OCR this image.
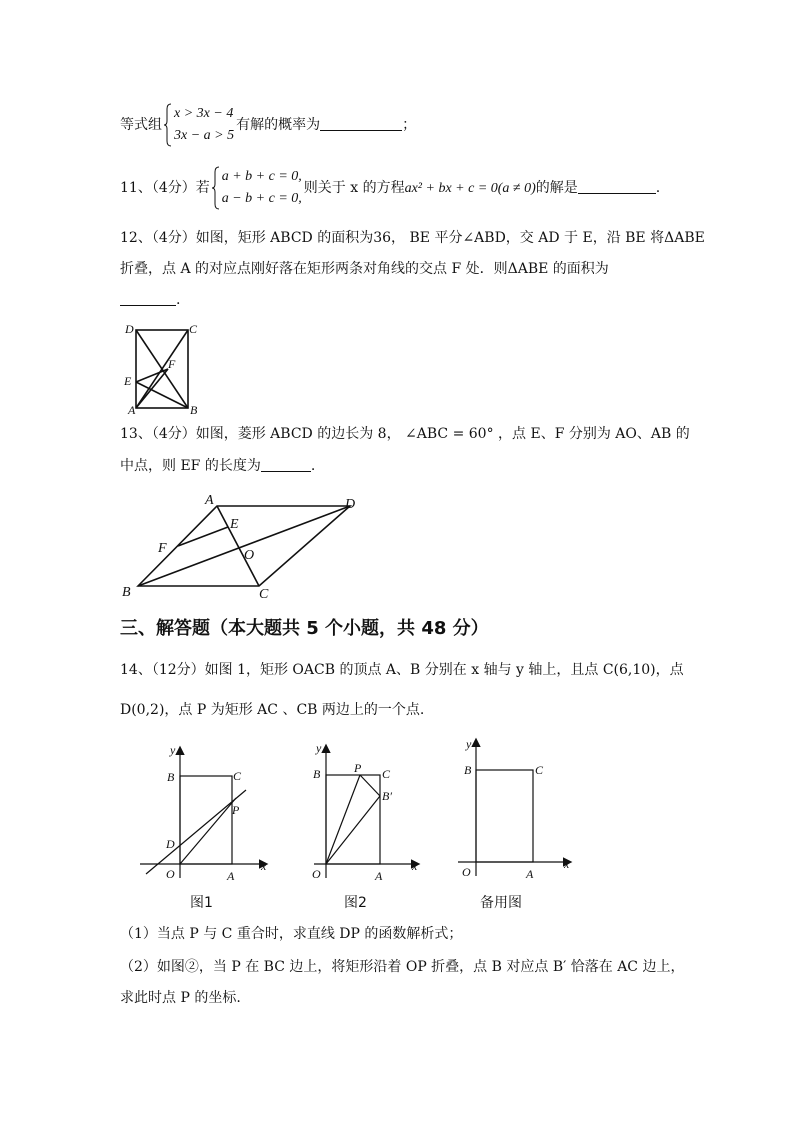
等式组
x > 3x − 4
3x − a > 5
有解的概率为	；
11、（4分）若
a + b + c = 0,
a − b + c = 0,
则关于 x 的方程ax² + bx + c = 0(a ≠ 0)的解是	.
12、（4分）如图，矩形 ABCD 的面积为36， BE 平分∠ABD，交 AD 于 E，沿 BE 将ΔABE
折叠，点 A 的对应点刚好落在矩形两条对角线的交点 F 处．则ΔABE 的面积为
.
D	C
F
E
A	B
13、（4分）如图，菱形 ABCD 的边长为 8， ∠ABC = 60° ，点 E、F 分别为 AO、AB 的
中点，则 EF 的长度为	.
A	D
E
F	O
B	C
三、解答题（本大题共 5 个小题，共 48 分）
14、（12分）如图 1，矩形 OACB 的顶点 A、B 分别在 x 轴与 y 轴上，且点 C(6,10)，点
D(0,2)，点 P 为矩形 AC 、CB 两边上的一个点.
y
x
B	C
P
D
O	A
图1
y
x
B	P C
B′
O	A
图2
y
x
B	C
O	A
备用图
（1）当点 P 与 C 重合时，求直线 DP 的函数解析式；
（2）如图②，当 P 在 BC 边上，将矩形沿着 OP 折叠，点 B 对应点 B′ 恰落在 AC 边上，
求此时点 P 的坐标.
